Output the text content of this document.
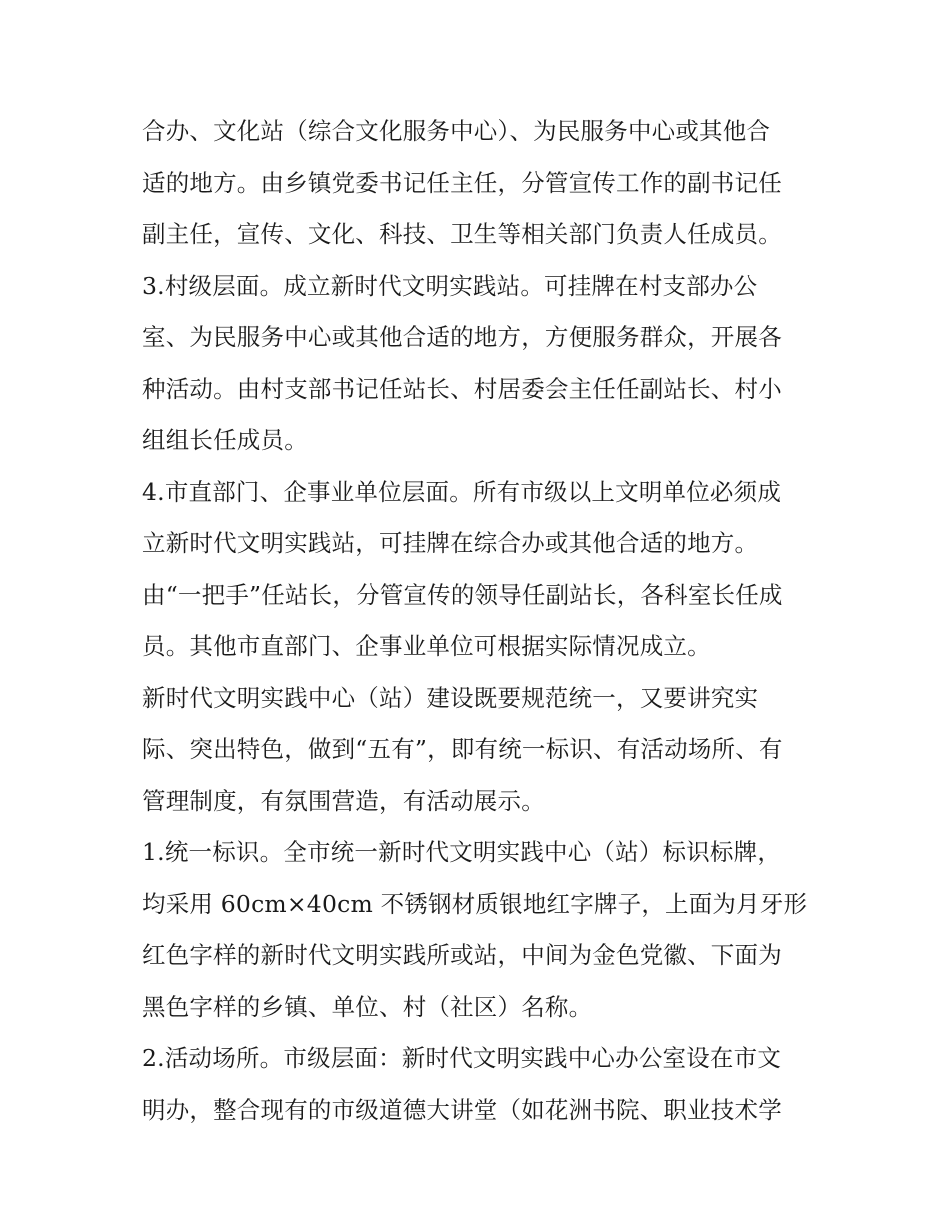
合办、文化站（综合文化服务中心）、为民服务中心或其他合
适的地方。由乡镇党委书记任主任，分管宣传工作的副书记任
副主任，宣传、文化、科技、卫生等相关部门负责人任成员。
3.村级层面。成立新时代文明实践站。可挂牌在村支部办公
室、为民服务中心或其他合适的地方，方便服务群众，开展各
种活动。由村支部书记任站长、村居委会主任任副站长、村小
组组长任成员。
4.市直部门、企事业单位层面。所有市级以上文明单位必须成
立新时代文明实践站，可挂牌在综合办或其他合适的地方。
由“一把手”任站长，分管宣传的领导任副站长，各科室长任成
员。其他市直部门、企事业单位可根据实际情况成立。
新时代文明实践中心（站）建设既要规范统一，又要讲究实
际、突出特色，做到“五有”，即有统一标识、有活动场所、有
管理制度，有氛围营造，有活动展示。
1.统一标识。全市统一新时代文明实践中心（站）标识标牌，
均采用 60cm×40cm 不锈钢材质银地红字牌子，上面为月牙形
红色字样的新时代文明实践所或站，中间为金色党徽、下面为
黑色字样的乡镇、单位、村（社区）名称。
2.活动场所。市级层面：新时代文明实践中心办公室设在市文
明办，整合现有的市级道德大讲堂（如花洲书院、职业技术学
